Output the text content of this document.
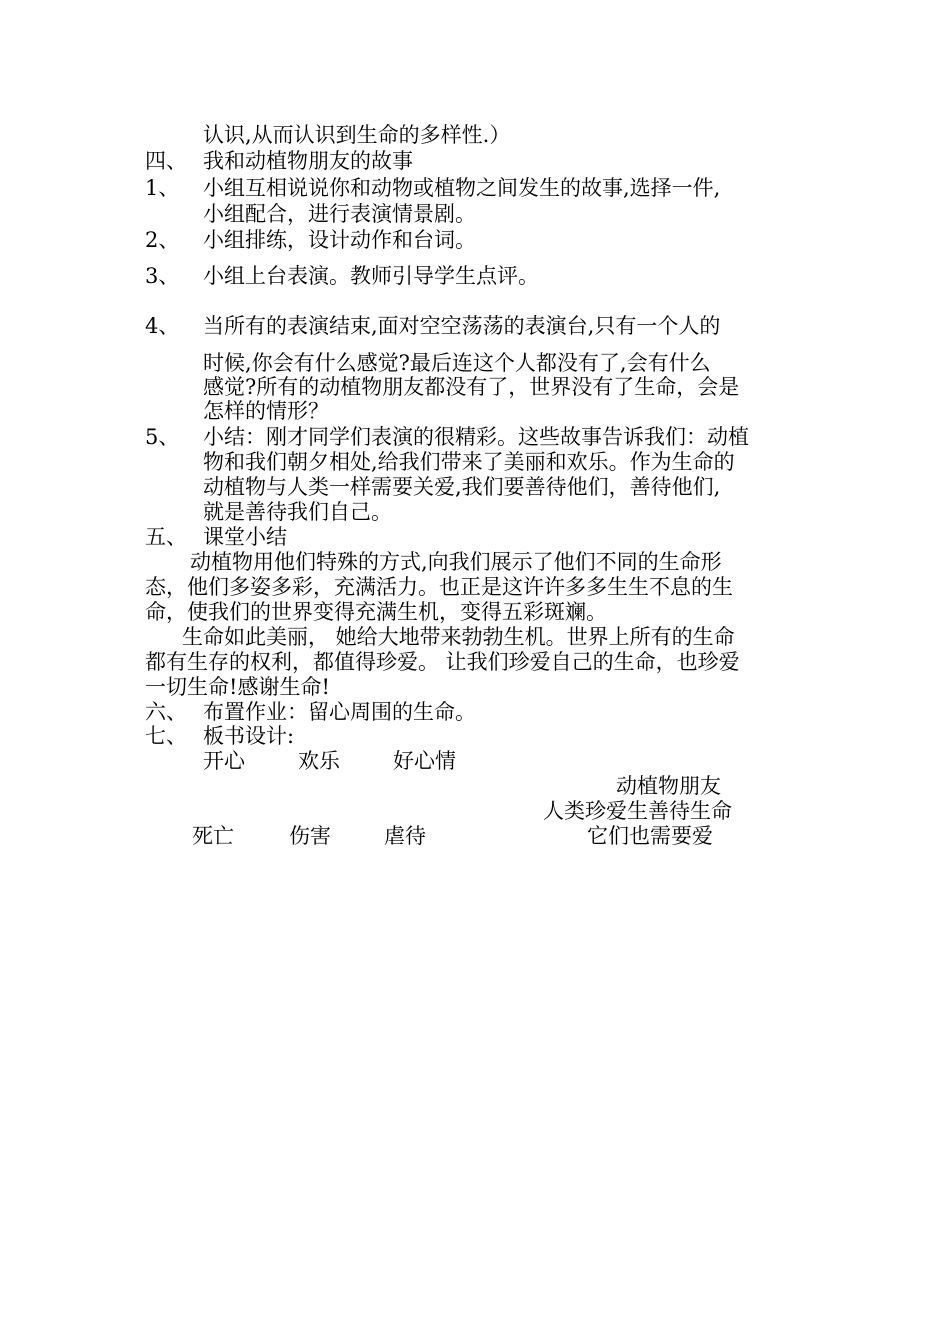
认识,从而认识到生命的多样性.）

四、 我和动植物朋友的故事

1、 小组互相说说你和动物或植物之间发生的故事,选择一件,

小组配合，进行表演情景剧。

2、 小组排练，设计动作和台词。

3、 小组上台表演。教师引导学生点评。

4、 当所有的表演结束,面对空空荡荡的表演台,只有一个人的

时候,你会有什么感觉?最后连这个人都没有了,会有什么

感觉?所有的动植物朋友都没有了，世界没有了生命，会是

怎样的情形？

5、 小结：刚才同学们表演的很精彩。这些故事告诉我们：动植

物和我们朝夕相处,给我们带来了美丽和欢乐。作为生命的

动植物与人类一样需要关爱,我们要善待他们，善待他们,

就是善待我们自己。

五、 课堂小结

动植物用他们特殊的方式,向我们展示了他们不同的生命形

态，他们多姿多彩，充满活力。也正是这许许多多生生不息的生

命，使我们的世界变得充满生机，变得五彩斑斓。

生命如此美丽， 她给大地带来勃勃生机。世界上所有的生命

都有生存的权利，都值得珍爱。 让我们珍爱自己的生命，也珍爱

一切生命!感谢生命!

六、 布置作业：留心周围的生命。

七、 板书设计:

开心	欢乐	好心情

动植物朋友

人类珍爱生善待生命

死亡	伤害	虐待	它们也需要爱
